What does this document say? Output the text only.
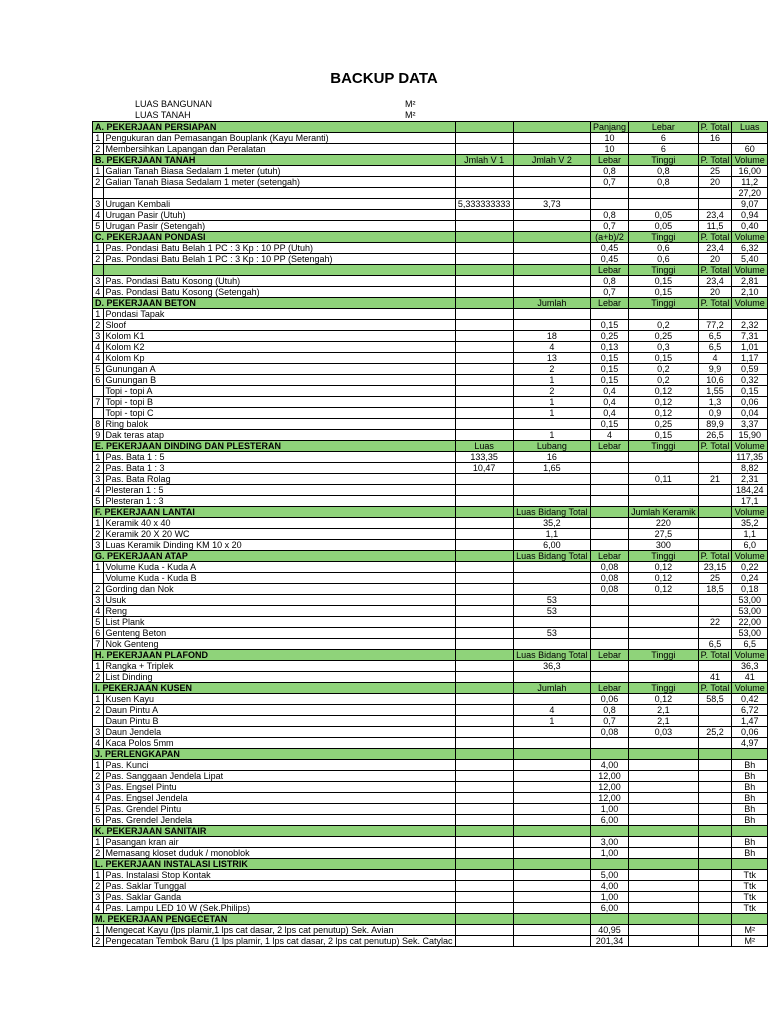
BACKUP DATA
LUAS BANGUNAN	M²
LUAS TANAH	M²
A. PEKERJAAN PERSIAPAN				Panjang	Lebar	P. Total	Luas
1	Pengukuran dan Pemasangan Bouplank (Kayu Meranti)			10	6	16	
2	Membersihkan Lapangan dan Peralatan			10	6		60
B. PEKERJAAN TANAH		Jmlah V 1	Jmlah V 2	Lebar	Tinggi	P. Total	Volume
1	Galian Tanah Biasa Sedalam 1 meter (utuh)			0,8	0,8	25	16,00
2	Galian Tanah Biasa Sedalam 1 meter (setengah)			0,7	0,8	20	11,2
							27,20
3	Urugan Kembali	5,333333333	3,73				9,07
4	Urugan Pasir (Utuh)			0,8	0,05	23,4	0,94
5	Urugan Pasir (Setengah)			0,7	0,05	11,5	0,40
C. PEKERJAAN PONDASI				(a+b)/2	Tinggi	P. Total	Volume
1	Pas. Pondasi Batu Belah 1 PC : 3 Kp : 10 PP (Utuh)			0,45	0,6	23,4	6,32
2	Pas. Pondasi Batu Belah 1 PC : 3 Kp : 10 PP (Setengah)			0,45	0,6	20	5,40
				Lebar	Tinggi	P. Total	Volume
3	Pas. Pondasi Batu Kosong (Utuh)			0,8	0,15	23,4	2,81
4	Pas. Pondasi Batu Kosong (Setengah)			0,7	0,15	20	2,10
D. PEKERJAAN BETON			Jumlah	Lebar	Tinggi	P. Total	Volume
1	Pondasi Tapak						
2	Sloof			0,15	0,2	77,2	2,32
3	Kolom K1		18	0,25	0,25	6,5	7,31
4	Kolom K2		4	0,13	0,3	6,5	1,01
4	Kolom Kp		13	0,15	0,15	4	1,17
5	Gunungan A		2	0,15	0,2	9,9	0,59
6	Gunungan B		1	0,15	0,2	10,6	0,32
	Topi - topi A		2	0,4	0,12	1,55	0,15
7	Topi - topi B		1	0,4	0,12	1,3	0,06
	Topi - topi C		1	0,4	0,12	0,9	0,04
8	Ring balok			0,15	0,25	89,9	3,37
9	Dak teras atap		1	4	0,15	26,5	15,90
E. PEKERJAAN DINDING DAN PLESTERAN		Luas	Lubang	Lebar	Tinggi	P. Total	Volume
1	Pas. Bata 1 : 5	133,35	16				117,35
2	Pas. Bata 1 : 3	10,47	1,65				8,82
3	Pas. Bata Rolag				0,11	21	2,31
4	Plesteran 1 : 5						184,24
5	Plesteran 1 : 3						17,1
F. PEKERJAAN LANTAI			Luas Bidang Total		Jumlah Keramik		Volume
1	Keramik 40 x 40		35,2		220		35,2
2	Keramik 20 X 20 WC		1,1		27,5		1,1
3	Luas Keramik Dinding KM 10 x 20		6,00		300		6,0
G. PEKERJAAN ATAP			Luas Bidang Total	Lebar	Tinggi	P. Total	Volume
1	Volume Kuda - Kuda A			0,08	0,12	23,15	0,22
	Volume Kuda - Kuda B			0,08	0,12	25	0,24
2	Gording dan Nok			0,08	0,12	18,5	0,18
3	Usuk		53				53,00
4	Reng		53				53,00
5	List Plank					22	22,00
6	Genteng Beton		53				53,00
7	Nok Genteng					6,5	6,5
H. PEKERJAAN PLAFOND			Luas Bidang Total	Lebar	Tinggi	P. Total	Volume
1	Rangka + Triplek		36,3				36,3
2	List Dinding					41	41
I. PEKERJAAN KUSEN			Jumlah	Lebar	Tinggi	P. Total	Volume
1	Kusen Kayu			0,06	0,12	58,5	0,42
2	Daun Pintu A		4	0,8	2,1		6,72
	Daun Pintu B		1	0,7	2,1		1,47
3	Daun Jendela			0,08	0,03	25,2	0,06
4	Kaca Polos 5mm						4,97
J. PERLENGKAPAN							
1	Pas. Kunci			4,00			Bh
2	Pas. Sanggaan Jendela Lipat			12,00			Bh
3	Pas. Engsel Pintu			12,00			Bh
4	Pas. Engsel Jendela			12,00			Bh
5	Pas. Grendel Pintu			1,00			Bh
6	Pas. Grendel Jendela			6,00			Bh
K. PEKERJAAN SANITAIR							
1	Pasangan kran air			3,00			Bh
2	Memasang kloset duduk / monoblok			1,00			Bh
L. PEKERJAAN INSTALASI LISTRIK							
1	Pas. Instalasi Stop Kontak			5,00			Ttk
2	Pas. Saklar Tunggal			4,00			Ttk
3	Pas. Saklar Ganda			1,00			Ttk
4	Pas. Lampu LED 10 W (Sek.Philips)			6,00			Ttk
M. PEKERJAAN PENGECETAN							
1	Mengecat Kayu (lps plamir,1 lps cat dasar, 2 lps cat penutup) Sek. Avian			40,95			M²
2	Pengecatan Tembok Baru (1 lps plamir, 1 lps cat dasar, 2 lps cat penutup) Sek. Catylac			201,34			M²
